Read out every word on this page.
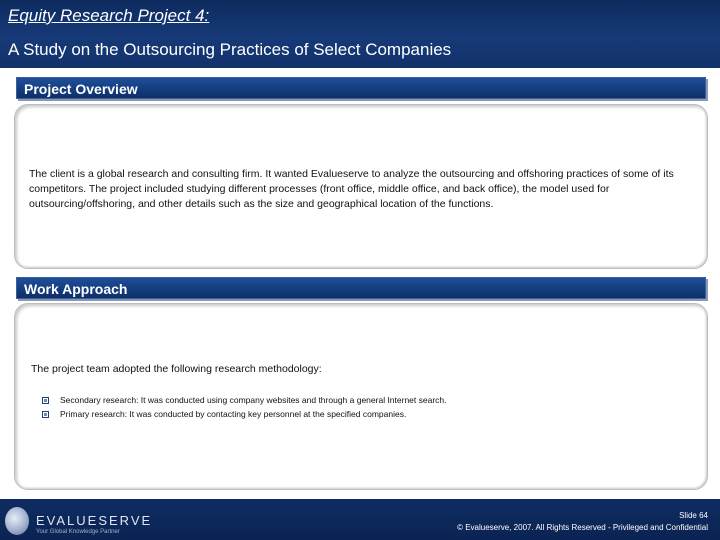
Equity Research Project 4:
A Study on the Outsourcing Practices of Select Companies
Project Overview
The client is a global research and consulting firm. It wanted Evalueserve to analyze the outsourcing and offshoring practices of some of its competitors. The project included studying different processes (front office, middle office, and back office), the model used for outsourcing/offshoring, and other details such as the size and geographical location of the functions.
Work Approach
The project team adopted the following research methodology:
Secondary research: It was conducted using company websites and through a general Internet search.
Primary research: It was conducted by contacting key personnel at the specified companies.
EVALUESERVE
Your Global Knowledge Partner
Slide 64
© Evalueserve, 2007. All Rights Reserved - Privileged and Confidential
